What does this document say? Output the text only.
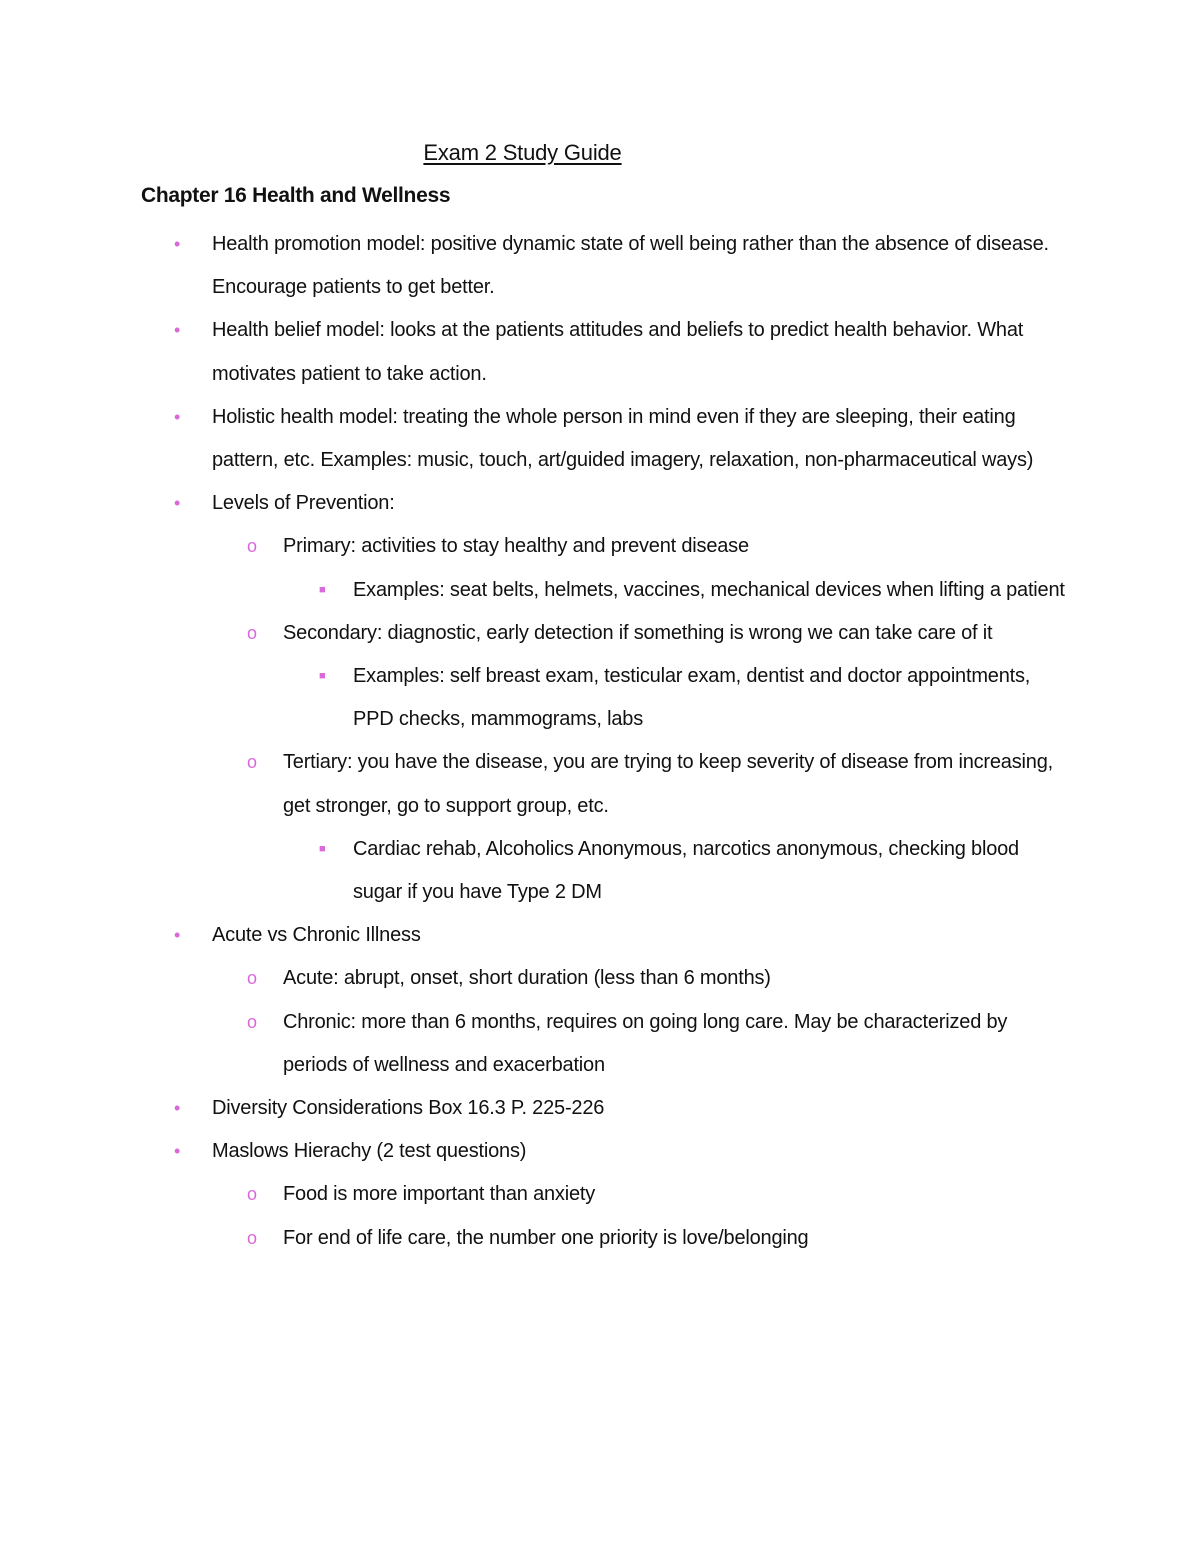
Exam 2 Study Guide
Chapter 16 Health and Wellness
• Health promotion model: positive dynamic state of well being rather than the absence of disease. Encourage patients to get better.
• Health belief model: looks at the patients attitudes and beliefs to predict health behavior. What motivates patient to take action.
• Holistic health model: treating the whole person in mind even if they are sleeping, their eating pattern, etc. Examples: music, touch, art/guided imagery, relaxation, non-pharmaceutical ways)
• Levels of Prevention:
o Primary: activities to stay healthy and prevent disease
■ Examples: seat belts, helmets, vaccines, mechanical devices when lifting a patient
o Secondary: diagnostic, early detection if something is wrong we can take care of it
■ Examples: self breast exam, testicular exam, dentist and doctor appointments, PPD checks, mammograms, labs
o Tertiary: you have the disease, you are trying to keep severity of disease from increasing, get stronger, go to support group, etc.
■ Cardiac rehab, Alcoholics Anonymous, narcotics anonymous, checking blood sugar if you have Type 2 DM
• Acute vs Chronic Illness
o Acute: abrupt, onset, short duration (less than 6 months)
o Chronic: more than 6 months, requires on going long care. May be characterized by periods of wellness and exacerbation
• Diversity Considerations Box 16.3 P. 225-226
• Maslows Hierachy (2 test questions)
o Food is more important than anxiety
o For end of life care, the number one priority is love/belonging
